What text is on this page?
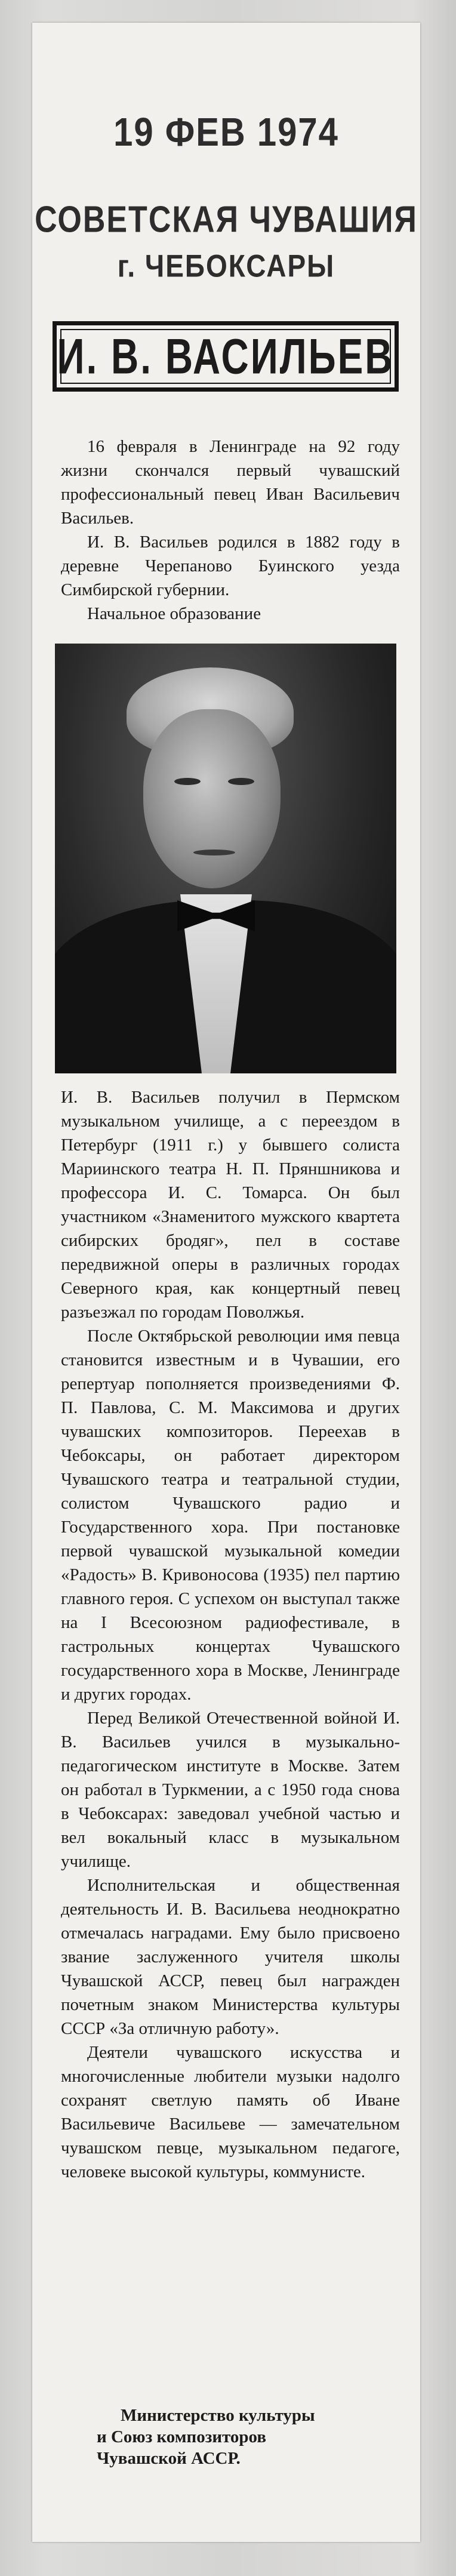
19 ФЕВ 1974
СОВЕТСКАЯ ЧУВАШИЯ
г. ЧЕБОКСАРЫ
И. В. ВАСИЛЬЕВ

16 февраля в Ленинграде на 92 году жизни скончался первый чувашский профессиональный певец Иван Васильевич Васильев.

И. В. Васильев родился в 1882 году в деревне Черепаново Буинского уезда Симбирской губернии.

Начальное образование

И. В. Васильев получил в Пермском музыкальном училище, а с переездом в Петербург (1911 г.) у бывшего солиста Мариинского театра Н. П. Пряншникова и профессора И. С. Томарса. Он был участником «Знаменитого мужского квартета сибирских бродяг», пел в составе передвижной оперы в различных городах Северного края, как концертный певец разъезжал по городам Поволжья.

После Октябрьской революции имя певца становится известным и в Чувашии, его репертуар пополняется произведениями Ф. П. Павлова, С. М. Максимова и других чувашских композиторов. Переехав в Чебоксары, он работает директором Чувашского театра и театральной студии, солистом Чувашского радио и Государственного хора. При постановке первой чувашской музыкальной комедии «Радость» В. Кривоносова (1935) пел партию главного героя. С успехом он выступал также на I Всесоюзном радиофестивале, в гастрольных концертах Чувашского государственного хора в Москве, Ленинграде и других городах.

Перед Великой Отечественной войной И. В. Васильев учился в музыкально-педагогическом институте в Москве. Затем он работал в Туркмении, а с 1950 года снова в Чебоксарах: заведовал учебной частью и вел вокальный класс в музыкальном училище.

Исполнительская и общественная деятельность И. В. Васильева неоднократно отмечалась наградами. Ему было присвоено звание заслуженного учителя школы Чувашской АССР, певец был награжден почетным знаком Министерства культуры СССР «За отличную работу».

Деятели чувашского искусства и многочисленные любители музыки надолго сохранят светлую память об Иване Васильевиче Васильеве — замечательном чувашском певце, музыкальном педагоге, человеке высокой культуры, коммунисте.

Министерство культуры
и Союз композиторов
Чувашской АССР.
